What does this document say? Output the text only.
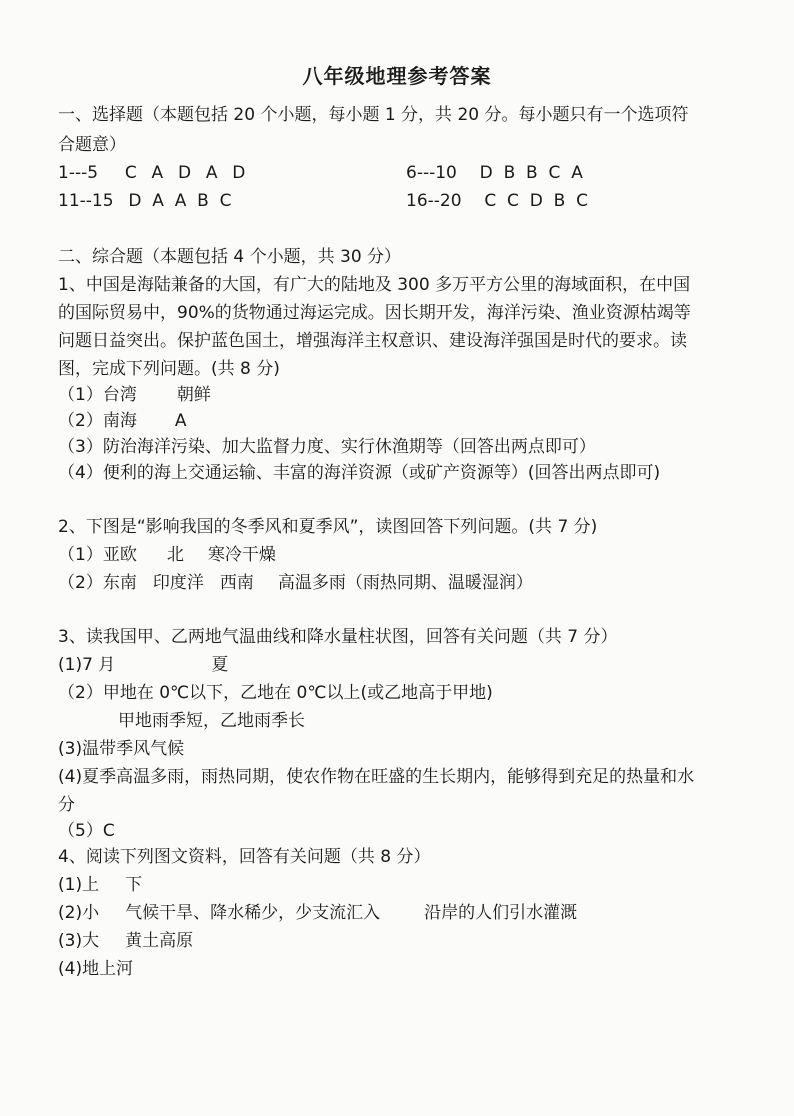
八年级地理参考答案
一、选择题（本题包括 20 个小题，每小题 1 分，共 20 分。每小题只有一个选项符
合题意）
1---5 C  A  D  A  D	6---10 D  B  B  C  A
11--15 D  A  A  B  C	16--20 C  C  D  B  C
二、综合题（本题包括 4 个小题，共 30 分）
1、中国是海陆兼备的大国，有广大的陆地及 300 多万平方公里的海域面积，在中国
的国际贸易中，90%的货物通过海运完成。因长期开发，海洋污染、渔业资源枯竭等
问题日益突出。保护蓝色国土，增强海洋主权意识、建设海洋强国是时代的要求。读
图，完成下列问题。(共 8 分)
（1）台湾 朝鲜
（2）南海 A
（3）防治海洋污染、加大监督力度、实行休渔期等（回答出两点即可）
（4）便利的海上交通运输、丰富的海洋资源（或矿产资源等）(回答出两点即可)
2、下图是“影响我国的冬季风和夏季风”，读图回答下列问题。(共 7 分)
（1）亚欧 北 寒冷干燥
（2）东南 印度洋 西南 高温多雨（雨热同期、温暖湿润）
3、读我国甲、乙两地气温曲线和降水量柱状图，回答有关问题（共 7 分）
(1)7 月	夏
（2）甲地在 0℃以下，乙地在 0℃以上(或乙地高于甲地)
甲地雨季短，乙地雨季长
(3)温带季风气候
(4)夏季高温多雨，雨热同期，使农作物在旺盛的生长期内，能够得到充足的热量和水
分
（5）C
4、阅读下列图文资料，回答有关问题（共 8 分）
(1)上 下
(2)小 气候干旱、降水稀少，少支流汇入	沿岸的人们引水灌溉
(3)大 黄土高原
(4)地上河
